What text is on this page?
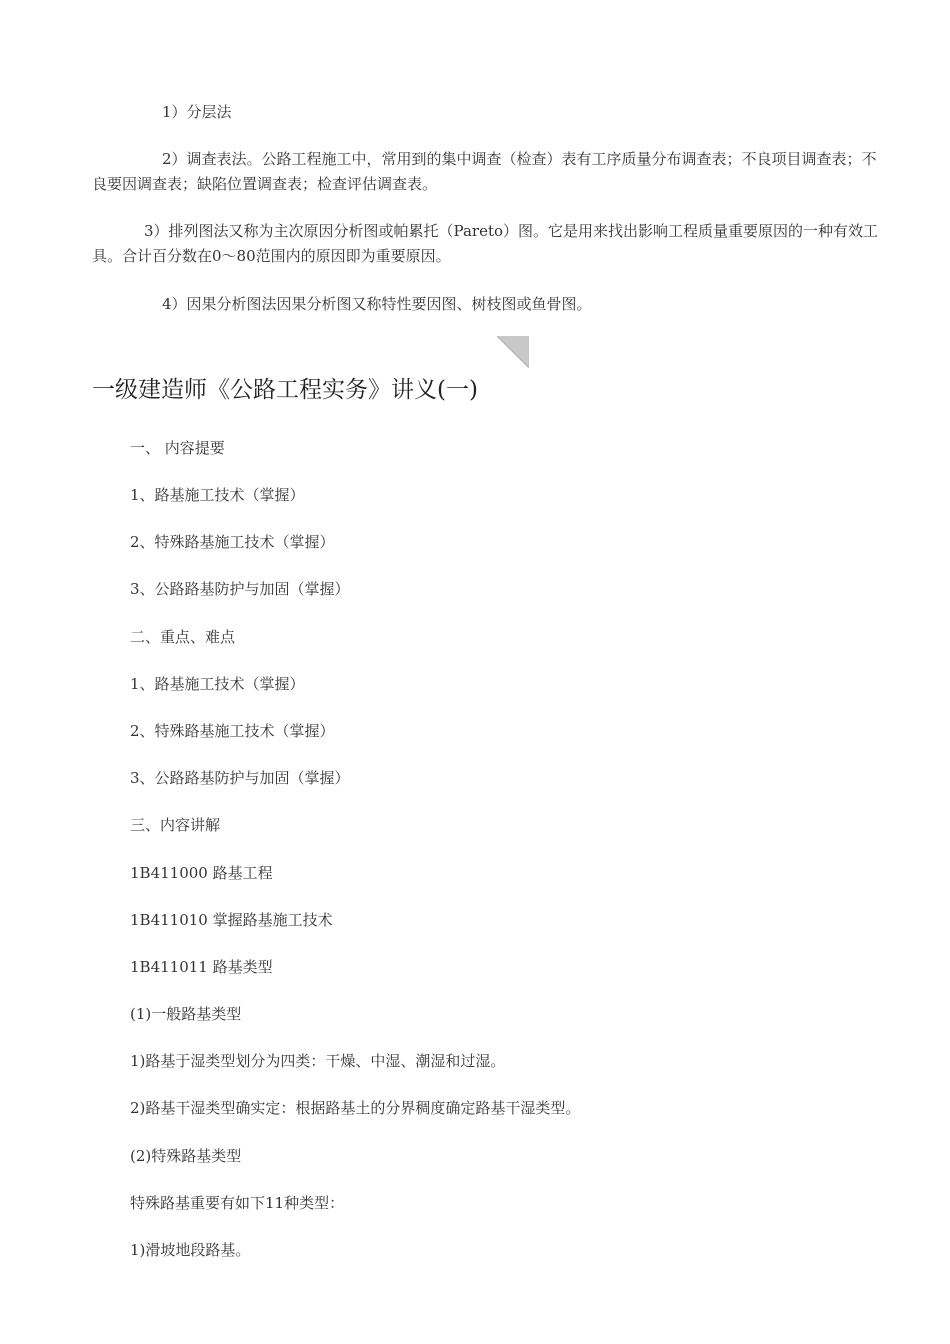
1）分层法

2）调查表法。公路工程施工中，常用到的集中调查（检查）表有工序质量分布调查表；不良项目调查表；不良要因调查表；缺陷位置调查表；检查评估调查表。

3）排列图法又称为主次原因分析图或帕累托（Pareto）图。它是用来找出影响工程质量重要原因的一种有效工具。合计百分数在0～80范围内的原因即为重要原因。

4）因果分析图法因果分析图又称特性要因图、树枝图或鱼骨图。

一级建造师《公路工程实务》讲义(一)

一、 内容提要

1、路基施工技术（掌握）

2、特殊路基施工技术（掌握）

3、公路路基防护与加固（掌握）

二、重点、难点

1、路基施工技术（掌握）

2、特殊路基施工技术（掌握）

3、公路路基防护与加固（掌握）

三、内容讲解

1B411000 路基工程

1B411010 掌握路基施工技术

1B411011 路基类型

(1)一般路基类型

1)路基于湿类型划分为四类：干燥、中湿、潮湿和过湿。

2)路基干湿类型确实定：根据路基土的分界稠度确定路基干湿类型。

(2)特殊路基类型

特殊路基重要有如下11种类型：

1)滑坡地段路基。
